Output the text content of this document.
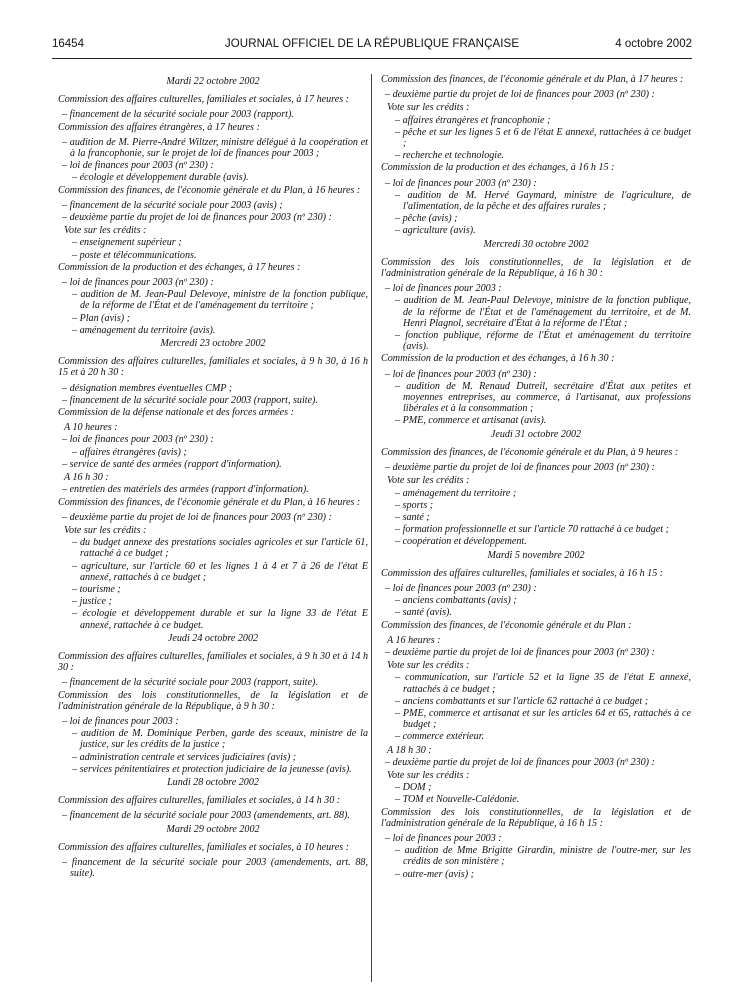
16454	JOURNAL OFFICIEL DE LA RÉPUBLIQUE FRANÇAISE	4 octobre 2002
Mardi 22 octobre 2002
Commission des affaires culturelles, familiales et sociales, à 17 heures :
– financement de la sécurité sociale pour 2003 (rapport).
Commission des affaires étrangères, à 17 heures :
– audition de M. Pierre-André Wiltzer, ministre délégué à la coopération et à la francophonie, sur le projet de loi de finances pour 2003 ;
– loi de finances pour 2003 (nº 230) :
– écologie et développement durable (avis).
Commission des finances, de l'économie générale et du Plan, à 16 heures :
– financement de la sécurité sociale pour 2003 (avis) ;
– deuxième partie du projet de loi de finances pour 2003 (nº 230) :
Vote sur les crédits :
– enseignement supérieur ;
– poste et télécommunications.
Commission de la production et des échanges, à 17 heures :
– loi de finances pour 2003 (nº 230) :
– audition de M. Jean-Paul Delevoye, ministre de la fonction publique, de la réforme de l'État et de l'aménagement du territoire ;
– Plan (avis) ;
– aménagement du territoire (avis).
Mercredi 23 octobre 2002
Commission des affaires culturelles, familiales et sociales, à 9 h 30, à 16 h 15 et à 20 h 30 :
– désignation membres éventuelles CMP ;
– financement de la sécurité sociale pour 2003 (rapport, suite).
Commission de la défense nationale et des forces armées :
A 10 heures :
– loi de finances pour 2003 (nº 230) :
– affaires étrangères (avis) ;
– service de santé des armées (rapport d'information).
A 16 h 30 :
– entretien des matériels des armées (rapport d'information).
Commission des finances, de l'économie générale et du Plan, à 16 heures :
– deuxième partie du projet de loi de finances pour 2003 (nº 230) :
Vote sur les crédits :
– du budget annexe des prestations sociales agricoles et sur l'article 61, rattaché à ce budget ;
– agriculture, sur l'article 60 et les lignes 1 à 4 et 7 à 26 de l'état E annexé, rattachés à ce budget ;
– tourisme ;
– justice ;
– écologie et développement durable et sur la ligne 33 de l'état E annexé, rattachée à ce budget.
Jeudi 24 octobre 2002
Commission des affaires culturelles, familiales et sociales, à 9 h 30 et à 14 h 30 :
– financement de la sécurité sociale pour 2003 (rapport, suite).
Commission des lois constitutionnelles, de la législation et de l'administration générale de la République, à 9 h 30 :
– loi de finances pour 2003 :
– audition de M. Dominique Perben, garde des sceaux, ministre de la justice, sur les crédits de la justice ;
– administration centrale et services judiciaires (avis) ;
– services pénitentiaires et protection judiciaire de la jeunesse (avis).
Lundi 28 octobre 2002
Commission des affaires culturelles, familiales et sociales, à 14 h 30 :
– financement de la sécurité sociale pour 2003 (amendements, art. 88).
Mardi 29 octobre 2002
Commission des affaires culturelles, familiales et sociales, à 10 heures :
– financement de la sécurité sociale pour 2003 (amendements, art. 88, suite).
Commission des finances, de l'économie générale et du Plan, à 17 heures :
– deuxième partie du projet de loi de finances pour 2003 (nº 230) :
Vote sur les crédits :
– affaires étrangères et francophonie ;
– pêche et sur les lignes 5 et 6 de l'état E annexé, rattachées à ce budget ;
– recherche et technologie.
Commission de la production et des échanges, à 16 h 15 :
– loi de finances pour 2003 (nº 230) :
– audition de M. Hervé Gaymard, ministre de l'agriculture, de l'alimentation, de la pêche et des affaires rurales ;
– pêche (avis) ;
– agriculture (avis).
Mercredi 30 octobre 2002
Commission des lois constitutionnelles, de la législation et de l'administration générale de la République, à 16 h 30 :
– loi de finances pour 2003 :
– audition de M. Jean-Paul Delevoye, ministre de la fonction publique, de la réforme de l'État et de l'aménagement du territoire, et de M. Henri Plagnol, secrétaire d'État à la réforme de l'État ;
– fonction publique, réforme de l'État et aménagement du territoire (avis).
Commission de la production et des échanges, à 16 h 30 :
– loi de finances pour 2003 (nº 230) :
– audition de M. Renaud Dutreil, secrétaire d'État aux petites et moyennes entreprises, au commerce, à l'artisanat, aux professions libérales et à la consommation ;
– PME, commerce et artisanat (avis).
Jeudi 31 octobre 2002
Commission des finances, de l'économie générale et du Plan, à 9 heures :
– deuxième partie du projet de loi de finances pour 2003 (nº 230) :
Vote sur les crédits :
– aménagement du territoire ;
– sports ;
– santé ;
– formation professionnelle et sur l'article 70 rattaché à ce budget ;
– coopération et développement.
Mardi 5 novembre 2002
Commission des affaires culturelles, familiales et sociales, à 16 h 15 :
– loi de finances pour 2003 (nº 230) :
– anciens combattants (avis) ;
– santé (avis).
Commission des finances, de l'économie générale et du Plan :
A 16 heures :
– deuxième partie du projet de loi de finances pour 2003 (nº 230) :
Vote sur les crédits :
– communication, sur l'article 52 et la ligne 35 de l'état E annexé, rattachés à ce budget ;
– anciens combattants et sur l'article 62 rattaché à ce budget ;
– PME, commerce et artisanat et sur les articles 64 et 65, rattachés à ce budget ;
– commerce extérieur.
A 18 h 30 :
– deuxième partie du projet de loi de finances pour 2003 (nº 230) :
Vote sur les crédits :
– DOM ;
– TOM et Nouvelle-Calédonie.
Commission des lois constitutionnelles, de la législation et de l'administration générale de la République, à 16 h 15 :
– loi de finances pour 2003 :
– audition de Mme Brigitte Girardin, ministre de l'outre-mer, sur les crédits de son ministère ;
– outre-mer (avis) ;
